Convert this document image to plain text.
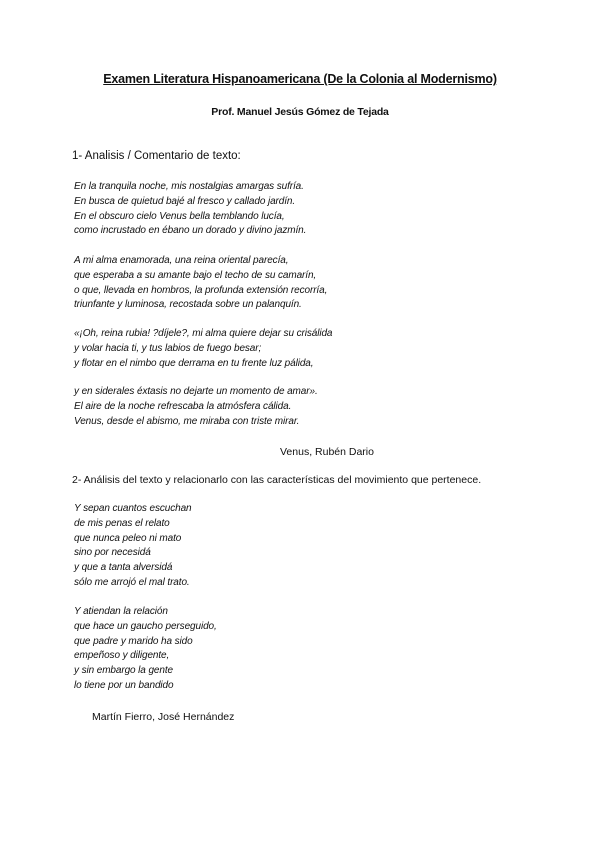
Examen Literatura Hispanoamericana (De la Colonia al Modernismo)
Prof. Manuel Jesús Gómez de Tejada
1- Analisis / Comentario de texto:
En la tranquila noche, mis nostalgias amargas sufría.
En busca de quietud bajé al fresco y callado jardín.
En el obscuro cielo Venus bella temblando lucía,
como incrustado en ébano un dorado y divino jazmín.
A mi alma enamorada, una reina oriental parecía,
que esperaba a su amante bajo el techo de su camarín,
o que, llevada en hombros, la profunda extensión recorría,
triunfante y luminosa, recostada sobre un palanquín.
«¡Oh, reina rubia! ?díjele?, mi alma quiere dejar su crisálida
y volar hacia ti, y tus labios de fuego besar;
y flotar en el nimbo que derrama en tu frente luz pálida,
y en siderales éxtasis no dejarte un momento de amar».
El aire de la noche refrescaba la atmósfera cálida.
Venus, desde el abismo, me miraba con triste mirar.
Venus, Rubén Dario
2- Análisis del texto y relacionarlo con las características del movimiento que pertenece.
Y sepan cuantos escuchan
de mis penas el relato
que nunca peleo ni mato
sino por necesidá
y que a tanta alversidá
sólo me arrojó el mal trato.
Y atiendan la relación
que hace un gaucho perseguido,
que padre y marido ha sido
empeñoso y diligente,
y sin embargo la gente
lo tiene por un bandido
Martín Fierro, José Hernández
